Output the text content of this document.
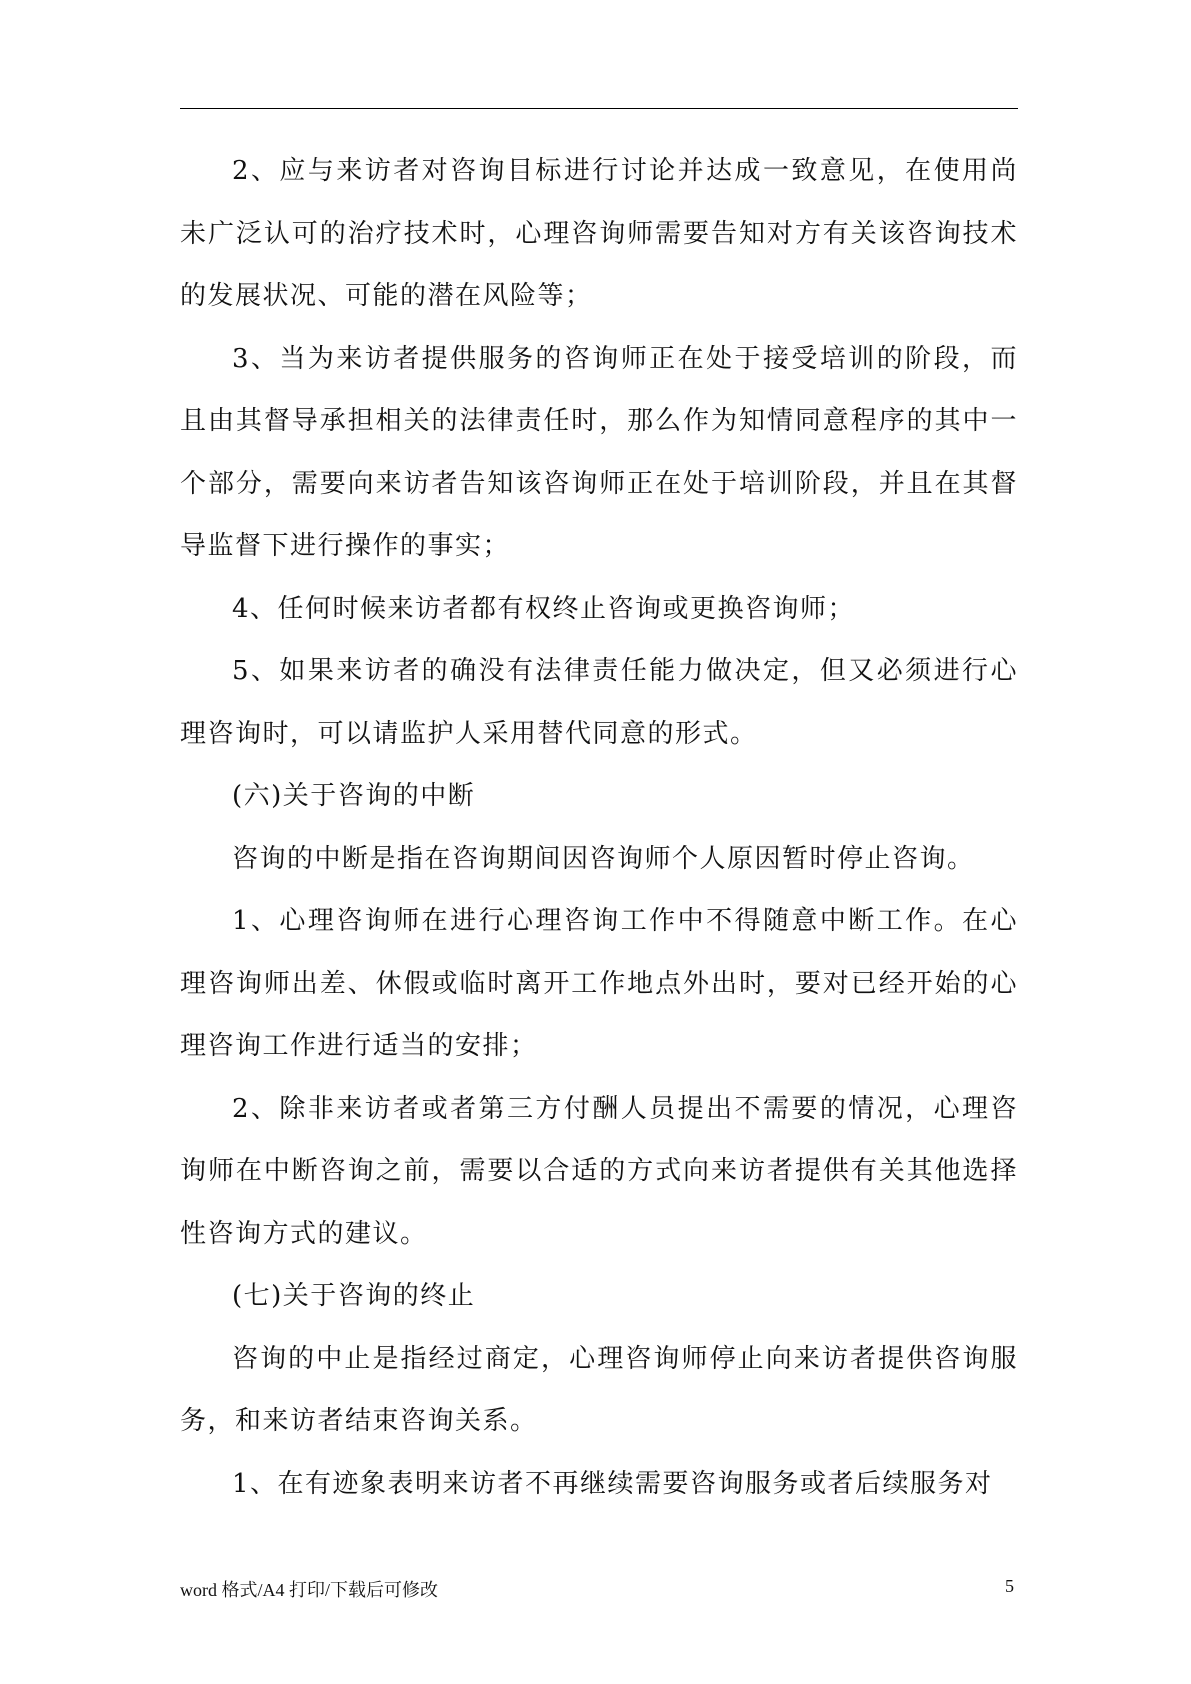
2、应与来访者对咨询目标进行讨论并达成一致意见，在使用尚未广泛认可的治疗技术时，心理咨询师需要告知对方有关该咨询技术的发展状况、可能的潜在风险等；

3、当为来访者提供服务的咨询师正在处于接受培训的阶段，而且由其督导承担相关的法律责任时，那么作为知情同意程序的其中一个部分，需要向来访者告知该咨询师正在处于培训阶段，并且在其督导监督下进行操作的事实；

4、任何时候来访者都有权终止咨询或更换咨询师；

5、如果来访者的确没有法律责任能力做决定，但又必须进行心理咨询时，可以请监护人采用替代同意的形式。

(六)关于咨询的中断

咨询的中断是指在咨询期间因咨询师个人原因暂时停止咨询。

1、心理咨询师在进行心理咨询工作中不得随意中断工作。在心理咨询师出差、休假或临时离开工作地点外出时，要对已经开始的心理咨询工作进行适当的安排；

2、除非来访者或者第三方付酬人员提出不需要的情况，心理咨询师在中断咨询之前，需要以合适的方式向来访者提供有关其他选择性咨询方式的建议。

(七)关于咨询的终止

咨询的中止是指经过商定，心理咨询师停止向来访者提供咨询服务，和来访者结束咨询关系。

1、在有迹象表明来访者不再继续需要咨询服务或者后续服务对

word 格式/A4 打印/下载后可修改	5
